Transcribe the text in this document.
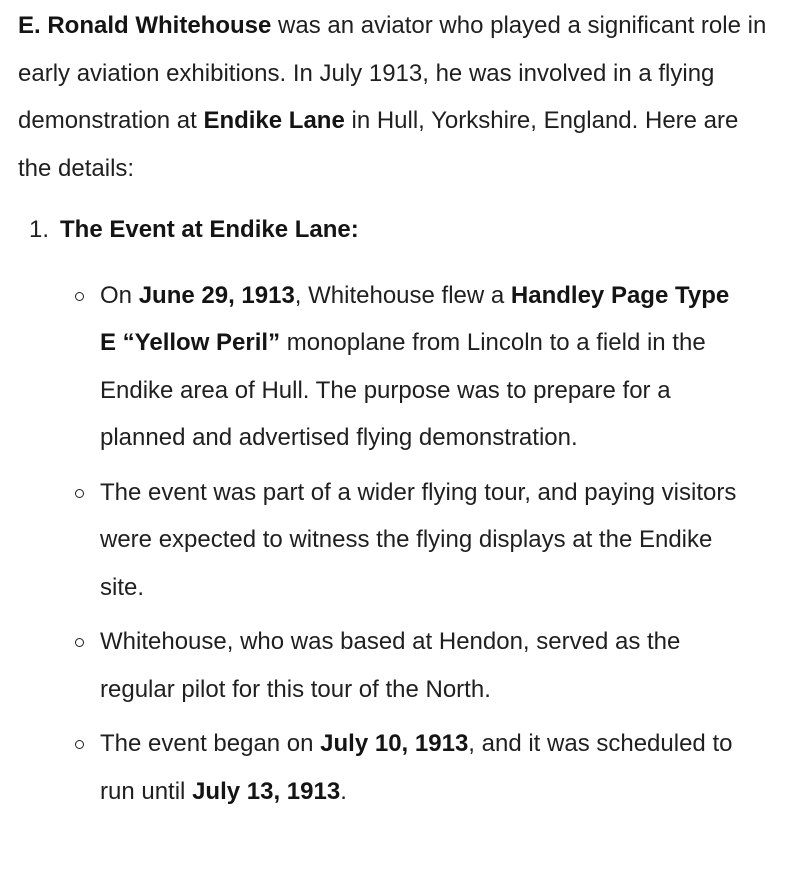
E. Ronald Whitehouse was an aviator who played a significant role in early aviation exhibitions. In July 1913, he was involved in a flying demonstration at Endike Lane in Hull, Yorkshire, England. Here are the details:

1. The Event at Endike Lane:
On June 29, 1913, Whitehouse flew a Handley Page Type E “Yellow Peril” monoplane from Lincoln to a field in the Endike area of Hull. The purpose was to prepare for a planned and advertised flying demonstration.
The event was part of a wider flying tour, and paying visitors were expected to witness the flying displays at the Endike site.
Whitehouse, who was based at Hendon, served as the regular pilot for this tour of the North.
The event began on July 10, 1913, and it was scheduled to run until July 13, 1913.
